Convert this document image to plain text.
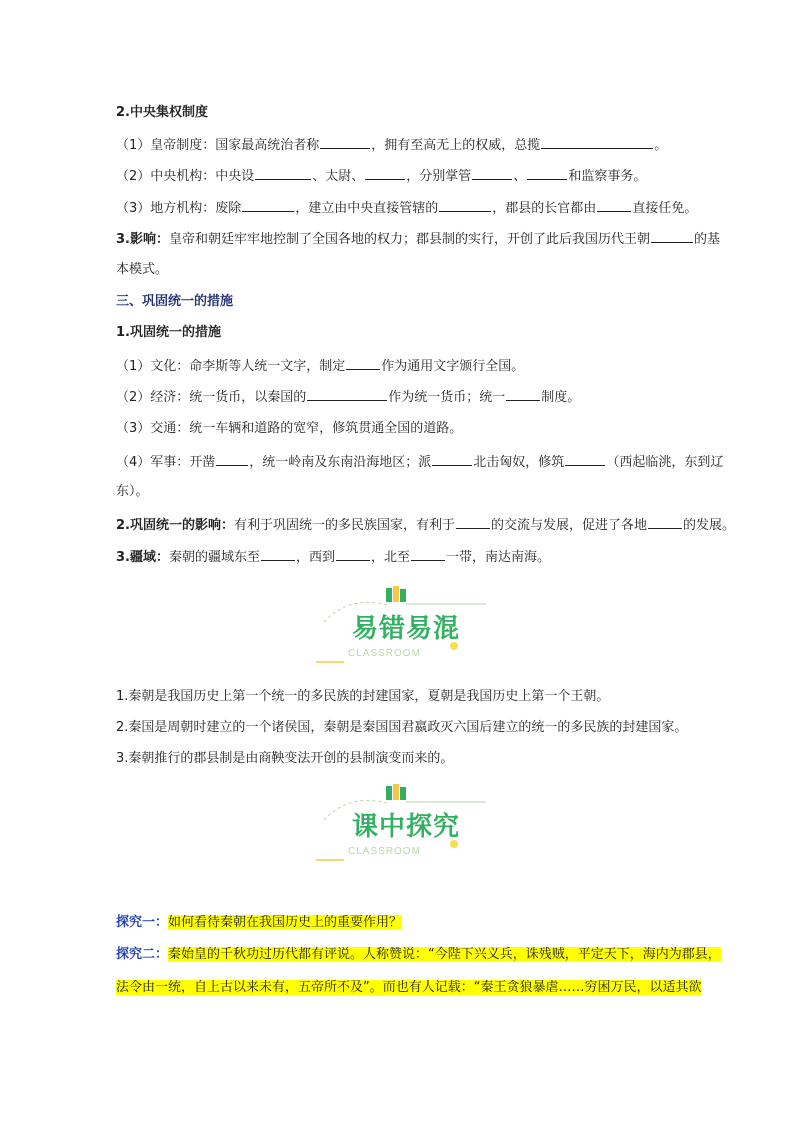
2.中央集权制度
（1）皇帝制度：国家最高统治者称	，拥有至高无上的权威，总揽	。
（2）中央机构：中央设	、太尉、	，分别掌管	、	和监察事务。
（3）地方机构：废除	，建立由中央直接管辖的	，郡县的长官都由	直接任免。
3.影响：皇帝和朝廷牢牢地控制了全国各地的权力；郡县制的实行，开创了此后我国历代王朝	的基
本模式。
三、巩固统一的措施
1.巩固统一的措施
（1）文化：命李斯等人统一文字，制定	作为通用文字颁行全国。
（2）经济：统一货币，以秦国的	作为统一货币；统一	制度。
（3）交通：统一车辆和道路的宽窄，修筑贯通全国的道路。
（4）军事：开凿	，统一岭南及东南沿海地区；派	北击匈奴，修筑	（西起临洮，东到辽
东）。
2.巩固统一的影响：有利于巩固统一的多民族国家，有利于	的交流与发展，促进了各地	的发展。
3.疆域：秦朝的疆域东至	，西到	，北至	一带，南达南海。
易错易混
CLASSROOM
1.秦朝是我国历史上第一个统一的多民族的封建国家，夏朝是我国历史上第一个王朝。
2.秦国是周朝时建立的一个诸侯国，秦朝是秦国国君嬴政灭六国后建立的统一的多民族的封建国家。
3.秦朝推行的郡县制是由商鞅变法开创的县制演变而来的。
课中探究
CLASSROOM
探究一：如何看待秦朝在我国历史上的重要作用？
探究二：秦始皇的千秋功过历代都有评说。人称赞说：“今陛下兴义兵，诛残贼，平定天下，海内为郡县，
法令由一统，自上古以来未有，五帝所不及”。而也有人记载：“秦王贪狼暴虐……穷困万民，以适其欲
